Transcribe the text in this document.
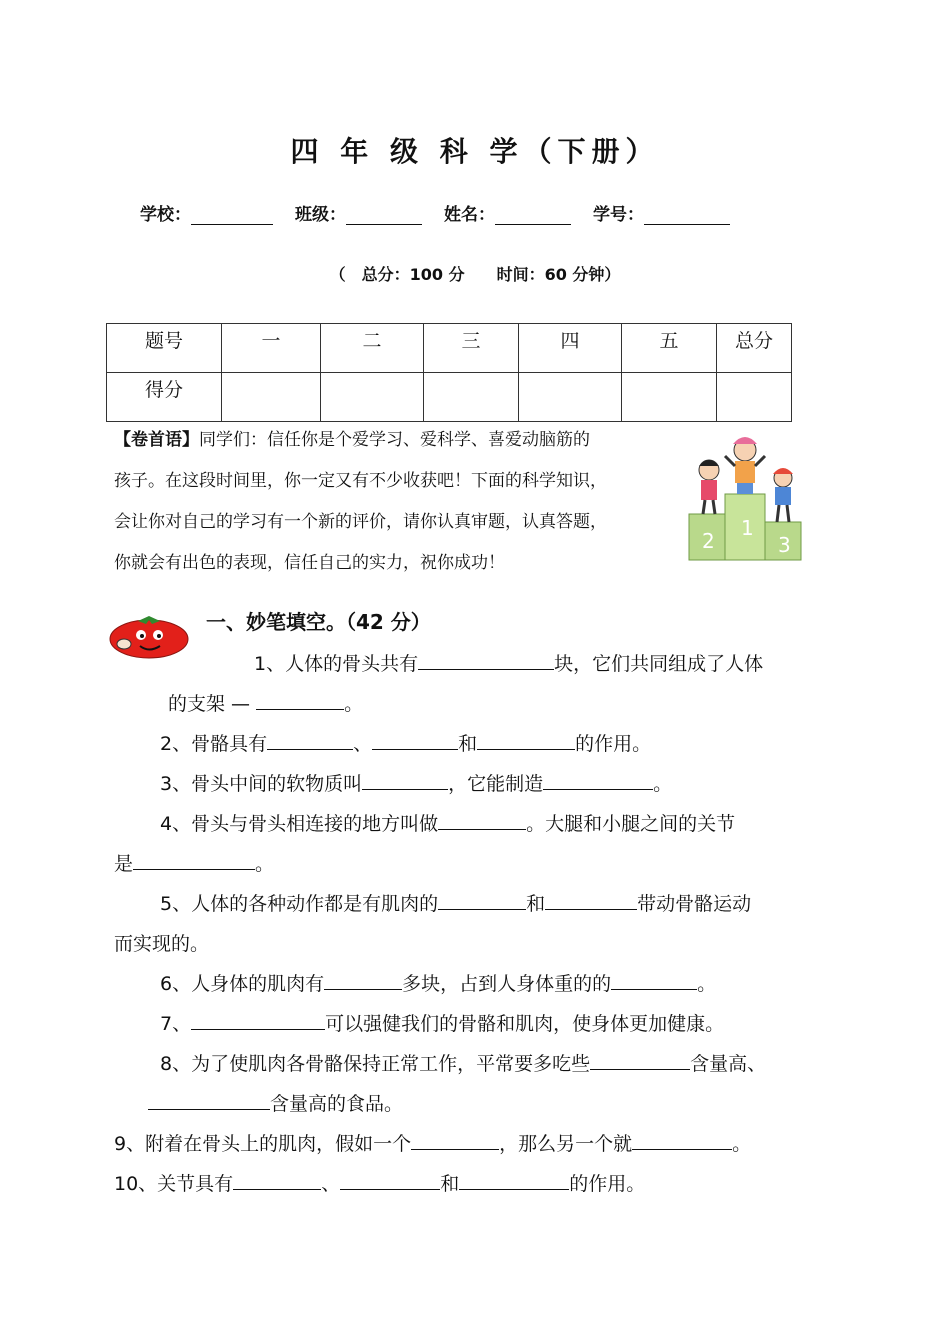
四 年 级 科 学（下册）
学校：	班级：	姓名：	学号：
（　总分：100 分　　时间：60 分钟）
题号	一	二	三	四	五	总分
得分						
【卷首语】同学们：信任你是个爱学习、爱科学、喜爱动脑筋的
孩子。在这段时间里，你一定又有不少收获吧！下面的科学知识，
会让你对自己的学习有一个新的评价，请你认真审题，认真答题，
你就会有出色的表现，信任自己的实力，祝你成功！
2
1
3
一、妙笔填空。（42 分）
1、人体的骨头共有	块，它们共同组成了人体
的支架 —	。
2、骨骼具有	、	和	的作用。
3、骨头中间的软物质叫	，它能制造	。
4、骨头与骨头相连接的地方叫做	。大腿和小腿之间的关节
是	。
5、人体的各种动作都是有肌肉的	和	带动骨骼运动
而实现的。
6、人身体的肌肉有	多块，占到人身体重的的	。
7、	可以强健我们的骨骼和肌肉，使身体更加健康。
8、为了使肌肉各骨骼保持正常工作，平常要多吃些	含量高、
含量高的食品。
9、附着在骨头上的肌肉，假如一个	，那么另一个就	。
10、关节具有	、	和	的作用。
